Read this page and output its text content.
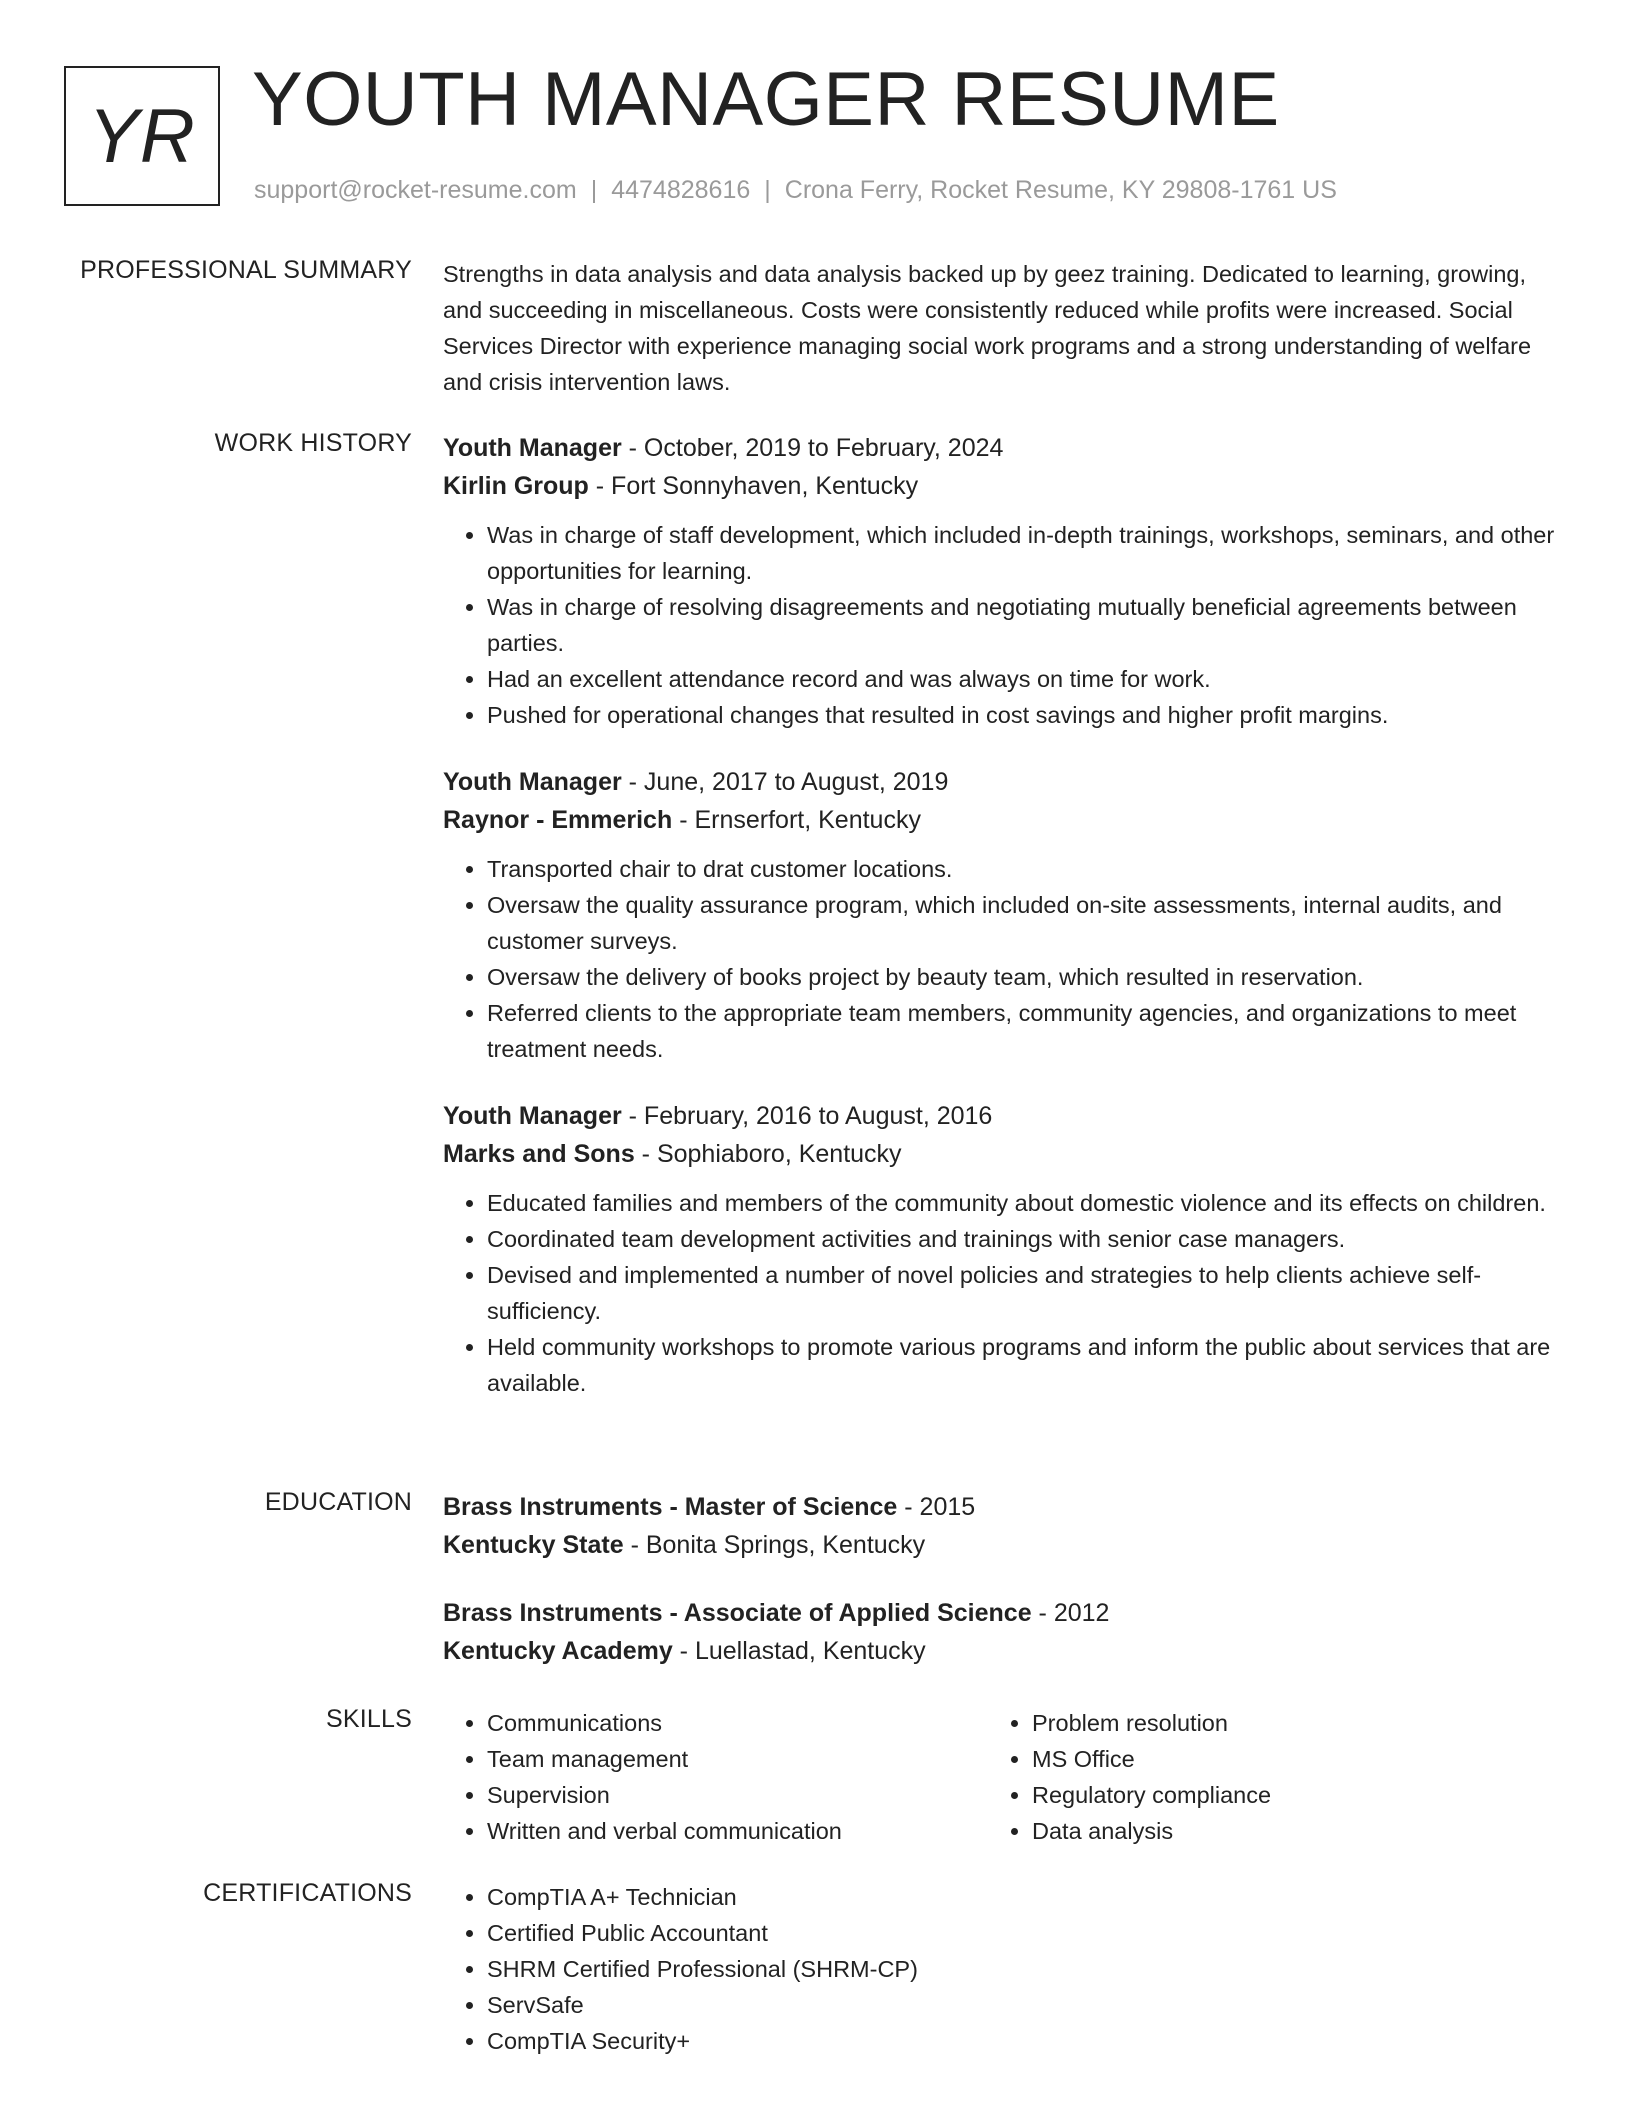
YR YOUTH MANAGER RESUME
support@rocket-resume.com | 4474828616 | Crona Ferry, Rocket Resume, KY 29808-1761 US
PROFESSIONAL SUMMARY Strengths in data analysis and data analysis backed up by geez training. Dedicated to learning, growing, and succeeding in miscellaneous. Costs were consistently reduced while profits were increased. Social Services Director with experience managing social work programs and a strong understanding of welfare and crisis intervention laws.

WORK HISTORY Youth Manager - October, 2019 to February, 2024
Kirlin Group - Fort Sonnyhaven, Kentucky
• Was in charge of staff development, which included in-depth trainings, workshops, seminars, and other opportunities for learning.
• Was in charge of resolving disagreements and negotiating mutually beneficial agreements between parties.
• Had an excellent attendance record and was always on time for work.
• Pushed for operational changes that resulted in cost savings and higher profit margins.
Youth Manager - June, 2017 to August, 2019
Raynor - Emmerich - Ernserfort, Kentucky
• Transported chair to drat customer locations.
• Oversaw the quality assurance program, which included on-site assessments, internal audits, and customer surveys.
• Oversaw the delivery of books project by beauty team, which resulted in reservation.
• Referred clients to the appropriate team members, community agencies, and organizations to meet treatment needs.
Youth Manager - February, 2016 to August, 2016
Marks and Sons - Sophiaboro, Kentucky
• Educated families and members of the community about domestic violence and its effects on children.
• Coordinated team development activities and trainings with senior case managers.
• Devised and implemented a number of novel policies and strategies to help clients achieve self-sufficiency.
• Held community workshops to promote various programs and inform the public about services that are available.
EDUCATION Brass Instruments - Master of Science - 2015
Kentucky State - Bonita Springs, Kentucky
Brass Instruments - Associate of Applied Science - 2012
Kentucky Academy - Luellastad, Kentucky
SKILLS	• Communications
• Team management
• Supervision
• Written and verbal communication
• Problem resolution
• MS Office
• Regulatory compliance
• Data analysis
CERTIFICATIONS	• CompTIA A+ Technician
• Certified Public Accountant
• SHRM Certified Professional (SHRM-CP)
• ServSafe
• CompTIA Security+
